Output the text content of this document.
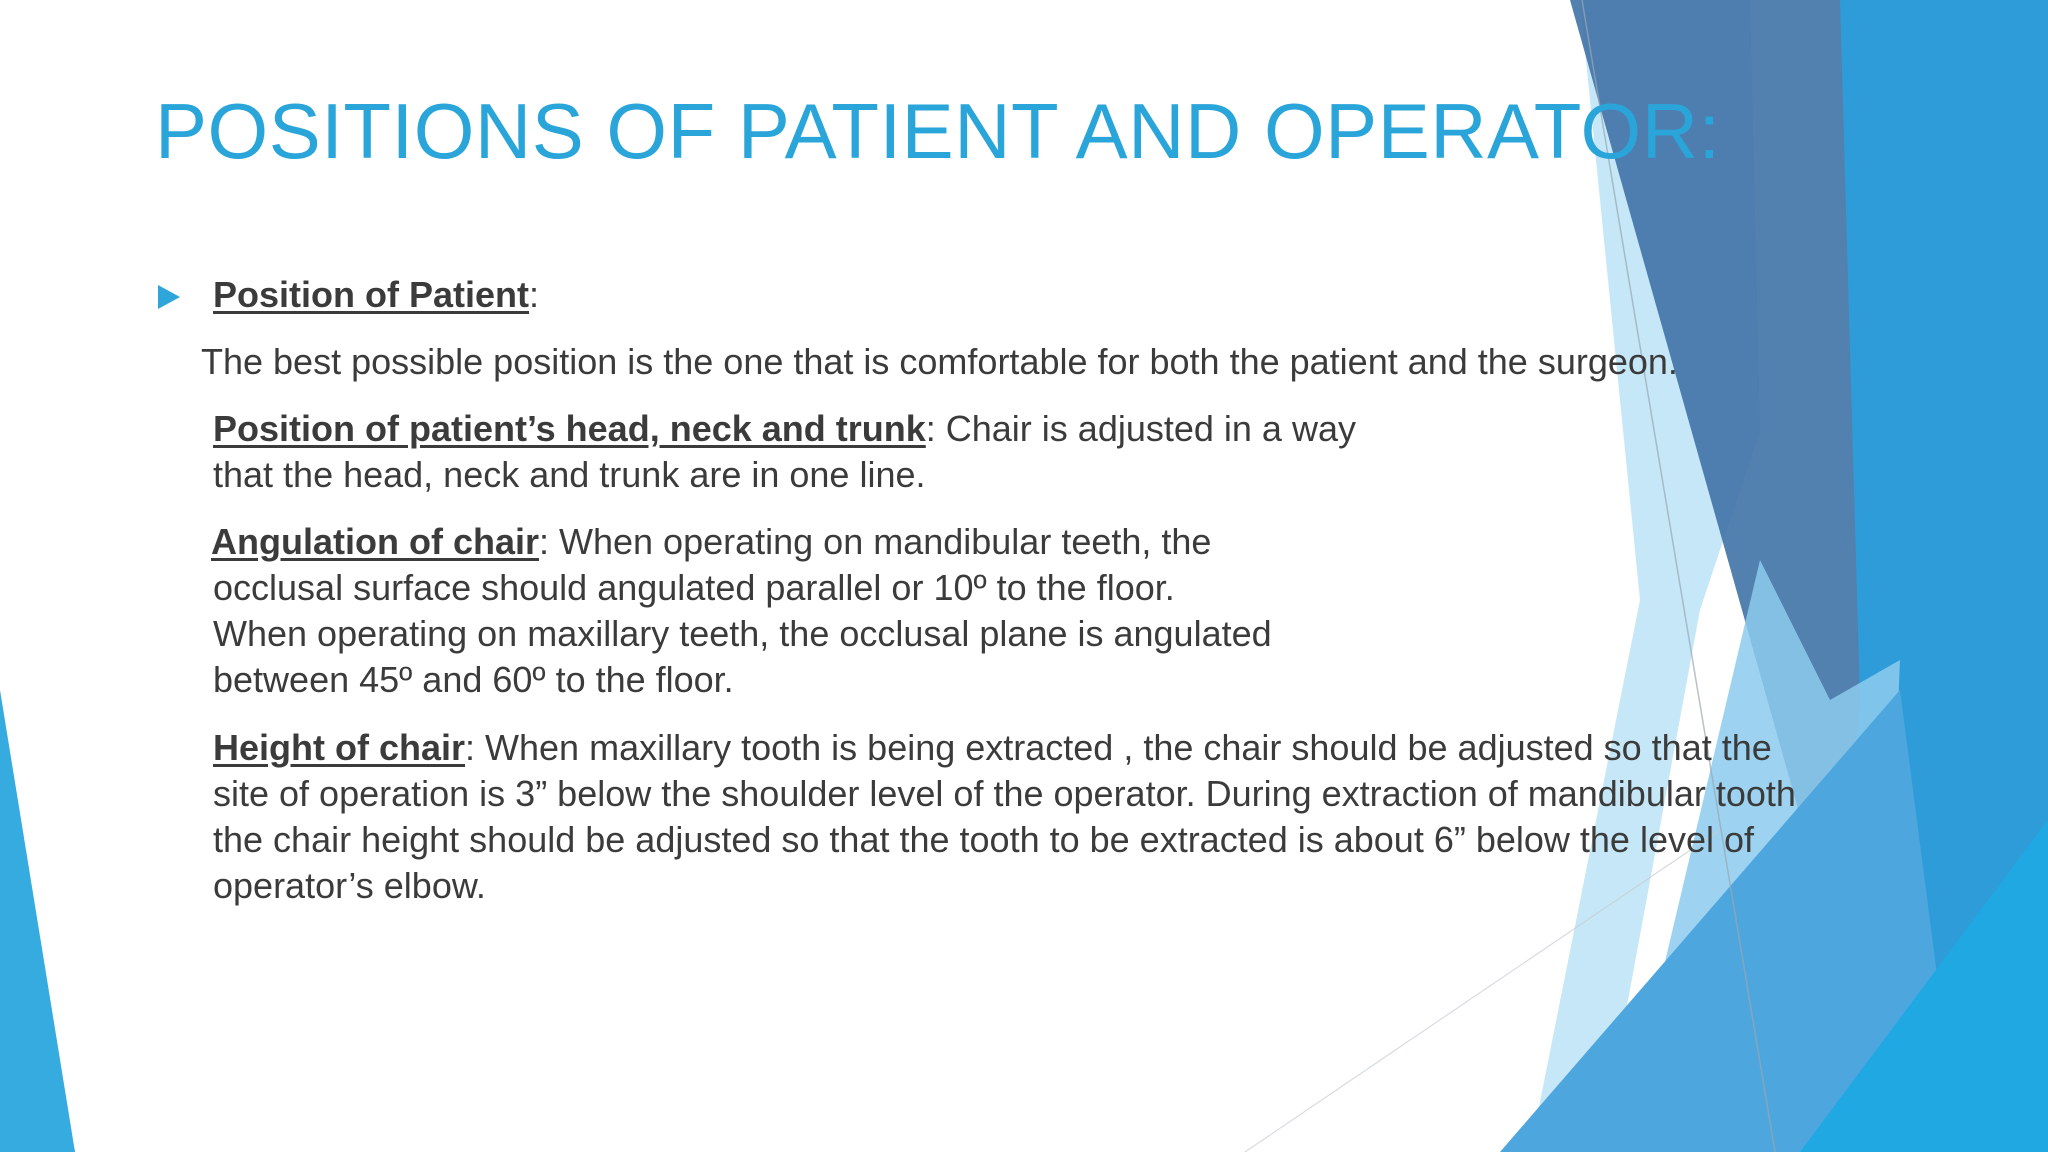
POSITIONS OF PATIENT AND OPERATOR:
Position of Patient:
The best possible position is the one that is comfortable for both the patient and the surgeon.
Position of patient’s head, neck and trunk: Chair is adjusted in a way
that the head, neck and trunk are in one line.
Angulation of chair: When operating on mandibular teeth, the
occlusal surface should angulated parallel or 10º to the floor.
When operating on maxillary teeth, the occlusal plane is angulated
between 45º and 60º to the floor.
Height of chair: When maxillary tooth is being extracted , the chair should be adjusted so that the
site of operation is 3” below the shoulder level of the operator. During extraction of mandibular tooth
the chair height should be adjusted so that the tooth to be extracted is about 6” below the level of
operator’s elbow.
